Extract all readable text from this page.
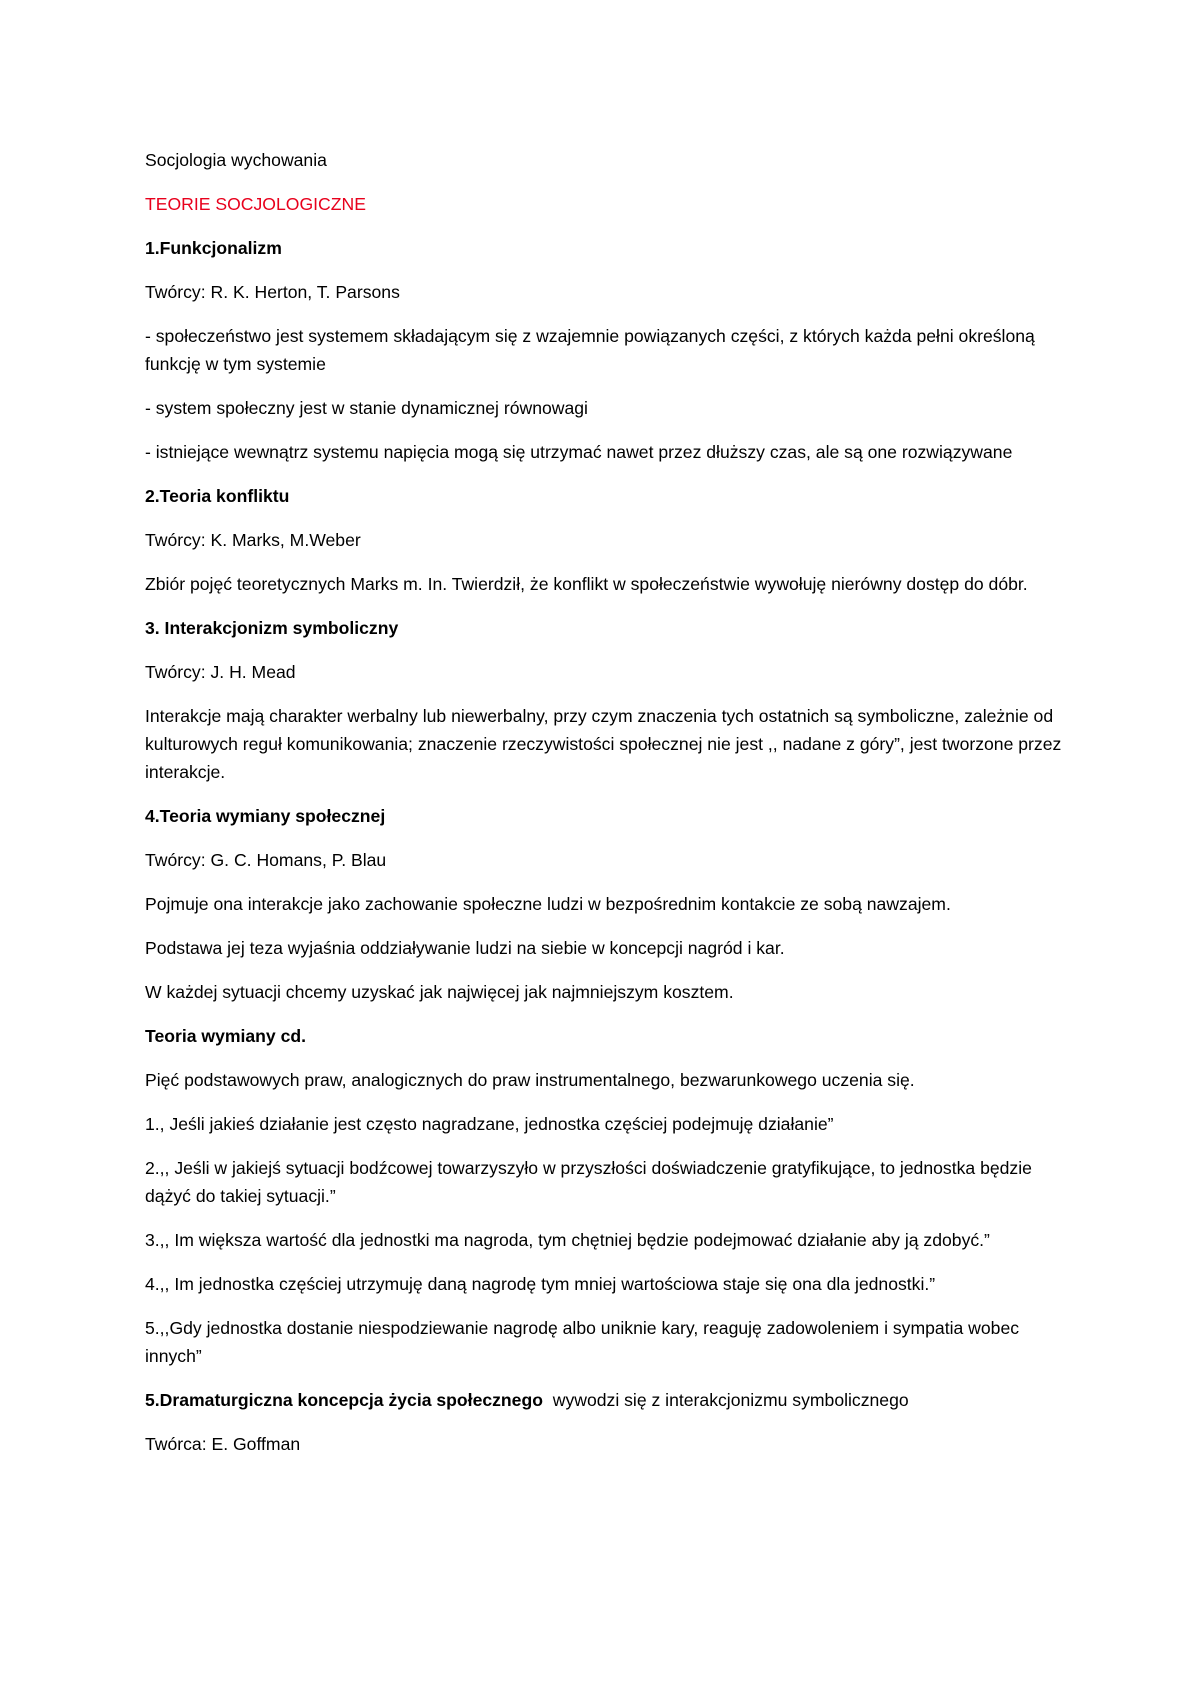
Socjologia wychowania

TEORIE SOCJOLOGICZNE

1.Funkcjonalizm

Twórcy: R. K. Herton, T. Parsons

- społeczeństwo jest systemem składającym się z wzajemnie powiązanych części, z których każda pełni określoną funkcję w tym systemie

- system społeczny jest w stanie dynamicznej równowagi

- istniejące wewnątrz systemu napięcia mogą się utrzymać nawet przez dłuższy czas, ale są one rozwiązywane

2.Teoria konfliktu

Twórcy: K. Marks, M.Weber

Zbiór pojęć teoretycznych Marks m. In. Twierdził, że konflikt w społeczeństwie wywołuję nierówny dostęp do dóbr.

3. Interakcjonizm symboliczny

Twórcy: J. H. Mead

Interakcje mają charakter werbalny lub niewerbalny, przy czym znaczenia tych ostatnich są symboliczne, zależnie od kulturowych reguł komunikowania; znaczenie rzeczywistości społecznej nie jest ,, nadane z góry”, jest tworzone przez interakcje.

4.Teoria wymiany społecznej

Twórcy: G. C. Homans, P. Blau

Pojmuje ona interakcje jako zachowanie społeczne ludzi w bezpośrednim kontakcie ze sobą nawzajem.

Podstawa jej teza wyjaśnia oddziaływanie ludzi na siebie w koncepcji nagród i kar.

W każdej sytuacji chcemy uzyskać jak najwięcej jak najmniejszym kosztem.

Teoria wymiany cd.

Pięć podstawowych praw, analogicznych do praw instrumentalnego, bezwarunkowego uczenia się.

1., Jeśli jakieś działanie jest często nagradzane, jednostka częściej podejmuję działanie”

2.,, Jeśli w jakiejś sytuacji bodźcowej towarzyszyło w przyszłości doświadczenie gratyfikujące, to jednostka będzie dążyć do takiej sytuacji.”

3.,, Im większa wartość dla jednostki ma nagroda, tym chętniej będzie podejmować działanie aby ją zdobyć.”

4.,, Im jednostka częściej utrzymuję daną nagrodę tym mniej wartościowa staje się ona dla jednostki.”

5.,,Gdy jednostka dostanie niespodziewanie nagrodę albo uniknie kary, reaguję zadowoleniem i sympatia wobec innych”

5.Dramaturgiczna koncepcja życia społecznego  wywodzi się z interakcjonizmu symbolicznego

Twórca: E. Goffman
